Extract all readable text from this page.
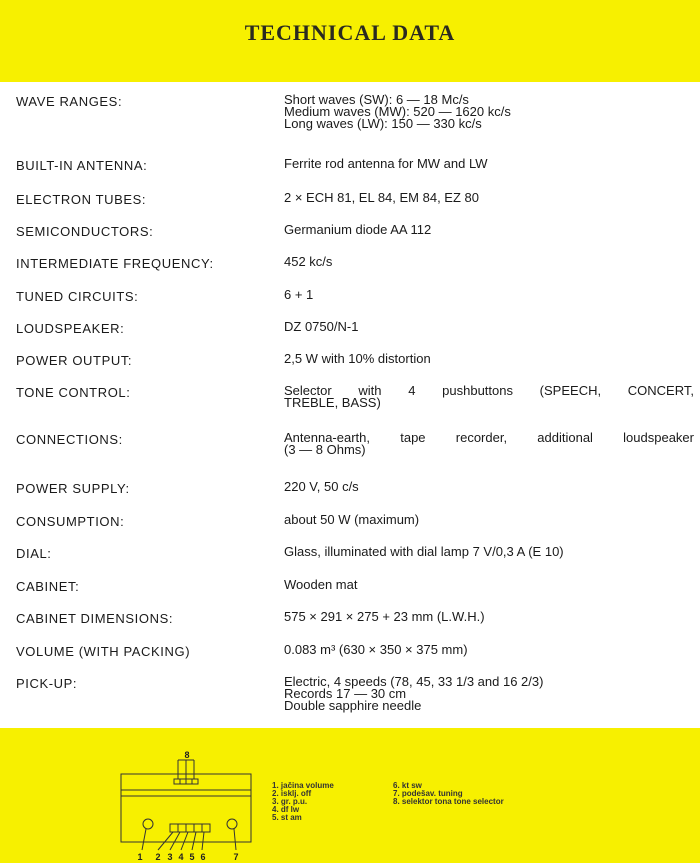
TECHNICAL DATA
WAVE RANGES:	Short waves (SW): 6 — 18 Mc/s
Medium waves (MW): 520 — 1620 kc/s
Long waves (LW): 150 — 330 kc/s
BUILT-IN ANTENNA:	Ferrite rod antenna for MW and LW
ELECTRON TUBES:	2 × ECH 81, EL 84, EM 84, EZ 80
SEMICONDUCTORS:	Germanium diode AA 112
INTERMEDIATE FREQUENCY:	452 kc/s
TUNED CIRCUITS:	6 + 1
LOUDSPEAKER:	DZ 0750/N-1
POWER OUTPUT:	2,5 W with 10% distortion
TONE CONTROL:	Selector with 4 pushbuttons (SPEECH, CONCERT,
TREBLE, BASS)
CONNECTIONS:	Antenna-earth, tape recorder, additional loudspeaker
(3 — 8 Ohms)
POWER SUPPLY:	220 V, 50 c/s
CONSUMPTION:	about 50 W (maximum)
DIAL:	Glass, illuminated with dial lamp 7 V/0,3 A (E 10)
CABINET:	Wooden mat
CABINET DIMENSIONS:	575 × 291 × 275 + 23 mm (L.W.H.)
VOLUME (WITH PACKING)	0.083 m³ (630 × 350 × 375 mm)
PICK-UP:	Electric, 4 speeds (78, 45, 33 1/3 and 16 2/3)
Records 17 — 30 cm
Double sapphire needle
8
1 2 3 4 5 6	7
1. jačina volume
2. isklj. off
3. gr. p.u.
4. df lw
5. st am
6. kt sw
7. podešav. tuning
8. selektor tona tone selector
